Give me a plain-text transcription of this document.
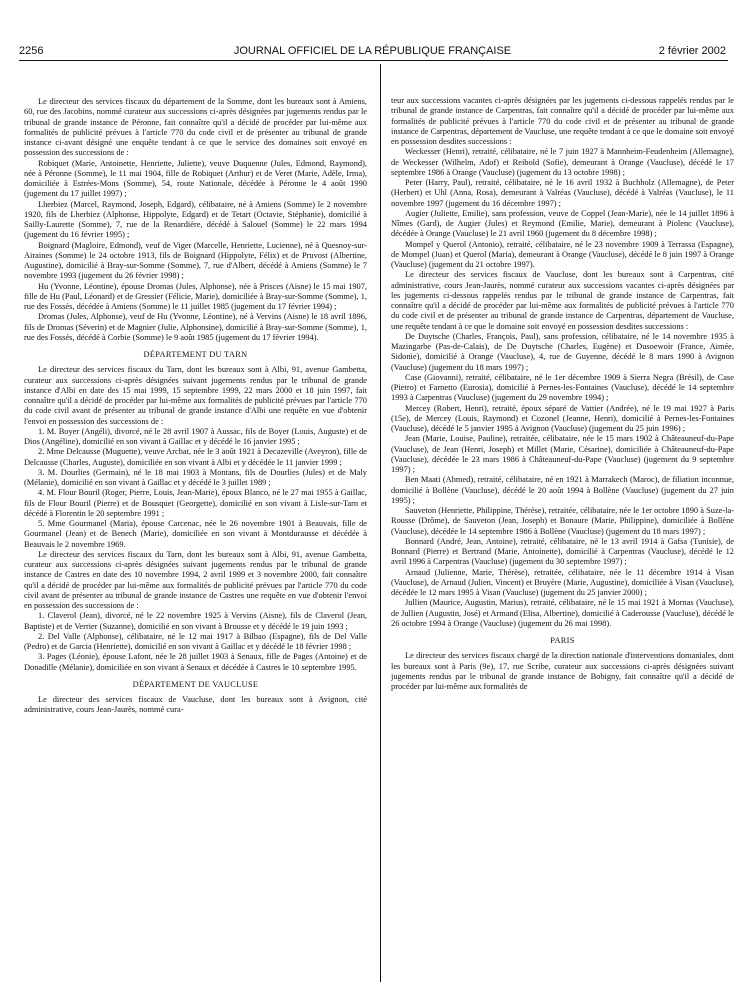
2256	JOURNAL OFFICIEL DE LA RÉPUBLIQUE FRANÇAISE	2 février 2002

Le directeur des services fiscaux du département de la Somme, dont les bureaux sont à Amiens, 60, rue des Jacobins, nommé curateur aux successions ci-après désignées par jugements rendus par le tribunal de grande instance de Péronne, fait connaître qu'il a décidé de procéder par lui-même aux formalités de publicité prévues à l'article 770 du code civil et de présenter au tribunal de grande instance ci-avant désigné une enquête tendant à ce que le service des domaines soit envoyé en possession des successions de :

Robiquet (Marie, Antoinette, Henriette, Juliette), veuve Duquenne (Jules, Edmond, Raymond), née à Péronne (Somme), le 11 mai 1904, fille de Robiquet (Arthur) et de Veret (Marie, Adèle, Irma), domiciliée à Estrées-Mons (Somme), 54, route Nationale, décédée à Péronne le 4 août 1990 (jugement du 17 juillet 1997) ;

Lherbiez (Marcel, Raymond, Joseph, Edgard), célibataire, né à Amiens (Somme) le 2 novembre 1920, fils de Lherbiez (Alphonse, Hippolyte, Edgard) et de Tetart (Octavie, Stéphanie), domicilié à Sailly-Laurette (Somme), 7, rue de la Renardière, décédé à Salouel (Somme) le 22 mars 1994 (jugement du 16 février 1995) ;

Boignard (Magloire, Edmond), veuf de Viger (Marcelle, Henriette, Lucienne), né à Quesnoy-sur-Airaines (Somme) le 24 octobre 1913, fils de Boignard (Hippolyte, Félix) et de Pruvost (Albertine, Augustine), domicilié à Bray-sur-Somme (Somme), 7, rue d'Albert, décédé à Amiens (Somme) le 7 novembre 1993 (jugement du 26 février 1998) ;

Hu (Yvonne, Léontine), épouse Dromas (Jules, Alphonse), née à Prisces (Aisne) le 15 mai 1907, fille de Hu (Paul, Léonard) et de Gressier (Félicie, Marie), domiciliée à Bray-sur-Somme (Somme), 1, rue des Fossés, décédée à Amiens (Somme) le 11 juillet 1985 (jugement du 17 février 1994) ;

Dromas (Jules, Alphonse), veuf de Hu (Yvonne, Léontine), né à Vervins (Aisne) le 18 avril 1896, fils de Dromas (Séverin) et de Magnier (Julie, Alphonsine), domicilié à Bray-sur-Somme (Somme), 1, rue des Fossés, décédé à Corbie (Somme) le 9 août 1985 (jugement du 17 février 1994).

DÉPARTEMENT DU TARN

Le directeur des services fiscaux du Tarn, dont les bureaux sont à Albi, 91, avenue Gambetta, curateur aux successions ci-après désignées suivant jugements rendus par le tribunal de grande instance d'Albi en date des 15 mai 1999, 15 septembre 1999, 22 mars 2000 et 18 juin 1997, fait connaître qu'il a décidé de procéder par lui-même aux formalités de publicité prévues par l'article 770 du code civil avant de présenter au tribunal de grande instance d'Albi une requête en vue d'obtenir l'envoi en possession des successions de :

1. M. Boyer (Angéli), divorcé, né le 28 avril 1907 à Aussac, fils de Boyer (Louis, Auguste) et de Dios (Angéline), domicilié en son vivant à Gaillac et y décédé le 16 janvier 1995 ;

2. Mme Delcausse (Muguette), veuve Archat, née le 3 août 1921 à Decazeville (Aveyron), fille de Delcausse (Charles, Auguste), domiciliée en son vivant à Albi et y décédée le 11 janvier 1999 ;

3. M. Dourlies (Germain), né le 18 mai 1903 à Montans, fils de Dourlies (Jules) et de Maly (Mélanie), domicilié en son vivant à Gaillac et y décédé le 3 juillet 1989 ;

4. M. Flour Bouril (Roger, Pierre, Louis, Jean-Marie), époux Blanco, né le 27 mai 1955 à Gaillac, fils de Flour Bouril (Pierre) et de Bousquet (Georgette), domicilié en son vivant à Lisle-sur-Tarn et décédé à Florentin le 20 septembre 1991 ;

5. Mme Gourmanel (Maria), épouse Carcenac, née le 26 novembre 1901 à Beauvais, fille de Gourmanel (Jean) et de Benech (Marie), domiciliée en son vivant à Montdurausse et décédée à Beauvais le 2 novembre 1969.

Le directeur des services fiscaux du Tarn, dont les bureaux sont à Albi, 91, avenue Gambetta, curateur aux successions ci-après désignées suivant jugements rendus par le tribunal de grande instance de Castres en date des 10 novembre 1994, 2 avril 1999 et 3 novembre 2000, fait connaître qu'il a décidé de procéder par lui-même aux formalités de publicité prévues par l'article 770 du code civil avant de présenter au tribunal de grande instance de Castres une requête en vue d'obtenir l'envoi en possession des successions de :

1. Claverol (Jean), divorcé, né le 22 novembre 1925 à Vervins (Aisne), fils de Claverol (Jean, Baptiste) et de Verrier (Suzanne), domicilié en son vivant à Brousse et y décédé le 19 juin 1993 ;

2. Del Valle (Alphonse), célibataire, né le 12 mai 1917 à Bilbao (Espagne), fils de Del Valle (Pedro) et de Garcia (Henriette), domicilié en son vivant à Gaillac et y décédé le 18 février 1998 ;

3. Pages (Léonie), épouse Lafont, née le 28 juillet 1903 à Senaux, fille de Pages (Antoine) et de Donadille (Mélanie), domiciliée en son vivant à Senaux et décédée à Castres le 10 septembre 1995.

DÉPARTEMENT DE VAUCLUSE

Le directeur des services fiscaux de Vaucluse, dont les bureaux sont à Avignon, cité administrative, cours Jean-Jaurès, nommé cura-

teur aux successions vacantes ci-après désignées par les jugements ci-dessous rappelés rendus par le tribunal de grande instance de Carpentras, fait connaître qu'il a décidé de procéder par lui-même aux formalités de publicité prévues à l'article 770 du code civil et de présenter au tribunal de grande instance de Carpentras, département de Vaucluse, une requête tendant à ce que le domaine soit envoyé en possession desdites successions :

Weckesser (Henri), retraité, célibataire, né le 7 juin 1927 à Mannheim-Feudenheim (Allemagne), de Weckesser (Wilhelm, Adof) et Reibold (Sofie), demeurant à Orange (Vaucluse), décédé le 17 septembre 1986 à Orange (Vaucluse) (jugement du 13 octobre 1998) ;

Peter (Harry, Paul), retraité, célibataire, né le 16 avril 1932 à Buchholz (Allemagne), de Peter (Herbert) et Uhl (Anna, Rosa), demeurant à Valréas (Vaucluse), décédé à Valréas (Vaucluse), le 11 novembre 1997 (jugement du 16 décembre 1997) ;

Augier (Juliette, Emilie), sans profession, veuve de Coppel (Jean-Marie), née le 14 juillet 1896 à Nîmes (Gard), de Augier (Jules) et Reymond (Emilie, Marie), demeurant à Piolenc (Vaucluse), décédée à Orange (Vaucluse) le 21 avril 1960 (jugement du 8 décembre 1998) ;

Mompel y Querol (Antonio), retraité, célibataire, né le 23 novembre 1909 à Terrassa (Espagne), de Mompel (Juan) et Querol (Maria), demeurant à Orange (Vaucluse), décédé le 8 juin 1997 à Orange (Vaucluse) (jugement du 21 octobre 1997).

Le directeur des services fiscaux de Vaucluse, dont les bureaux sont à Carpentras, cité administrative, cours Jean-Jaurès, nommé curateur aux successions vacantes ci-après désignées par les jugements ci-dessous rappelés rendus par le tribunal de grande instance de Carpentras, fait connaître qu'il a décidé de procéder par lui-même aux formalités de publicité prévues à l'article 770 du code civil et de présenter au tribunal de grande instance de Carpentras, département de Vaucluse, une requête tendant à ce que le domaine soit envoyé en possession desdites successions :

De Duytsche (Charles, François, Paul), sans profession, célibataire, né le 14 novembre 1935 à Mazingarbe (Pas-de-Calais), de De Duytsche (Charles, Eugène) et Dusoewoir (France, Aimée, Sidonie), domicilié à Orange (Vaucluse), 4, rue de Guyenne, décédé le 8 mars 1990 à Avignon (Vaucluse) (jugement du 18 mars 1997) ;

Case (Giovanni), retraité, célibataire, né le 1er décembre 1909 à Sierra Negra (Brésil), de Case (Pietro) et Farnetto (Eurosia), domicilié à Pernes-les-Fontaines (Vaucluse), décédé le 14 septembre 1993 à Carpentras (Vaucluse) (jugement du 29 novembre 1994) ;

Mercey (Robert, Henri), retraité, époux séparé de Vattier (Andrée), né le 19 mai 1927 à Paris (15e), de Mercey (Louis, Raymond) et Cozonel (Jeanne, Henri), domicilié à Pernes-les-Fontaines (Vaucluse), décédé le 5 janvier 1995 à Avignon (Vaucluse) (jugement du 25 juin 1996) ;

Jean (Marie, Louise, Pauline), retraitée, célibataire, née le 15 mars 1902 à Châteauneuf-du-Pape (Vaucluse), de Jean (Henri, Joseph) et Millet (Marie, Césarine), domiciliée à Châteauneuf-du-Pape (Vaucluse), décédée le 23 mars 1986 à Châteauneuf-du-Pape (Vaucluse) (jugement du 9 septembre 1997) ;

Ben Maati (Ahmed), retraité, célibataire, né en 1921 à Marrakech (Maroc), de filiation inconnue, domicilié à Bollène (Vaucluse), décédé le 20 août 1994 à Bollène (Vaucluse) (jugement du 27 juin 1995) ;

Sauveton (Henriette, Philippine, Thérèse), retraitée, célibataire, née le 1er octobre 1890 à Suze-la-Rousse (Drôme), de Sauveton (Jean, Joseph) et Bonaure (Marie, Philippine), domiciliée à Bollène (Vaucluse), décédée le 14 septembre 1986 à Bollène (Vaucluse) (jugement du 18 mars 1997) ;

Bonnard (André, Jean, Antoine), retraité, célibataire, né le 13 avril 1914 à Gafsa (Tunisie), de Bonnard (Pierre) et Bertrand (Marie, Antoinette), domicilié à Carpentras (Vaucluse), décédé le 12 avril 1996 à Carpentras (Vaucluse) (jugement du 30 septembre 1997) ;

Arnaud (Julienne, Marie, Thérèse), retraitée, célibataire, née le 11 décembre 1914 à Visan (Vaucluse), de Arnaud (Julien, Vincent) et Bruyère (Marie, Augustine), domiciliée à Visan (Vaucluse), décédée le 12 mars 1995 à Visan (Vaucluse) (jugement du 25 janvier 2000) ;

Jullien (Maurice, Augustin, Marius), retraité, célibataire, né le 15 mai 1921 à Mornas (Vaucluse), de Jullien (Augustin, José) et Armand (Elisa, Albertine), domicilié à Caderousse (Vaucluse), décédé le 26 octobre 1994 à Orange (Vaucluse) (jugement du 26 mai 1998).

PARIS

Le directeur des services fiscaux chargé de la direction nationale d'interventions domaniales, dont les bureaux sont à Paris (9e), 17, rue Scribe, curateur aux successions ci-après désignées suivant jugements rendus par le tribunal de grande instance de Bobigny, fait connaître qu'il a décidé de procéder par lui-même aux formalités de
